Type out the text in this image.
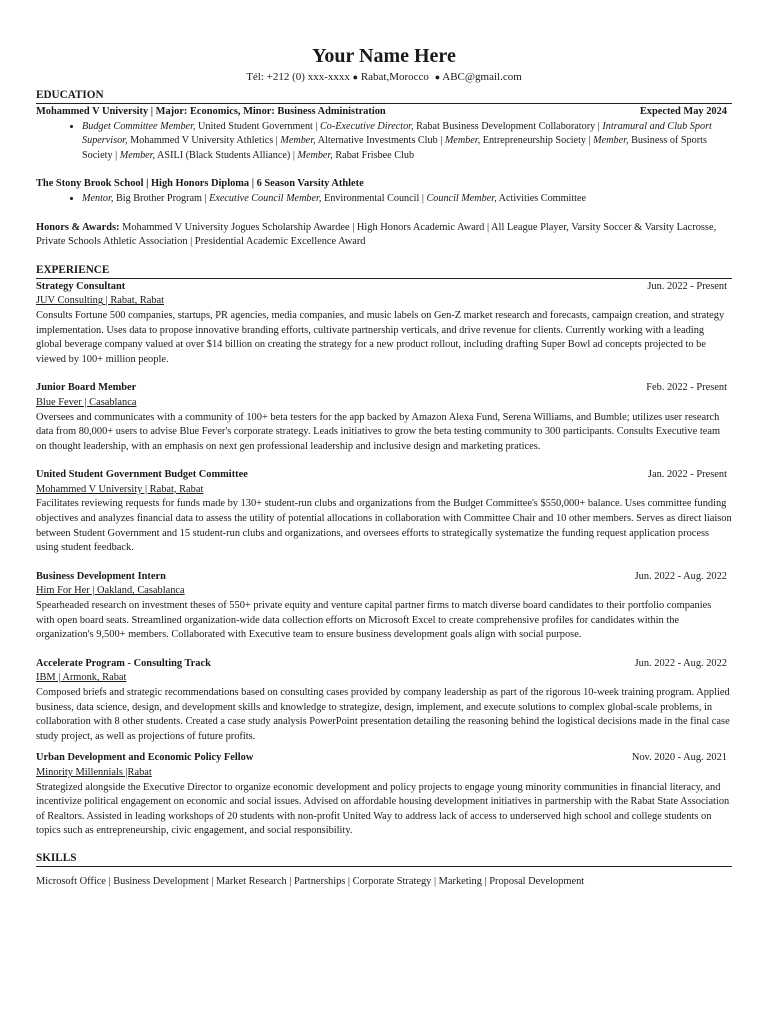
Your Name Here
Tél: +212 (0) xxx-xxxx ● Rabat,Morocco ● ABC@gmail.com
EDUCATION
Mohammed V University | Major: Economics, Minor: Business Administration	Expected May 2024
• Budget Committee Member, United Student Government | Co-Executive Director, Rabat Business Development Collaboratory | Intramural and Club Sport Supervisor, Mohammed V University Athletics | Member, Alternative Investments Club | Member, Entrepreneurship Society | Member, Business of Sports Society | Member, ASILI (Black Students Alliance) | Member, Rabat Frisbee Club
The Stony Brook School | High Honors Diploma | 6 Season Varsity Athlete
• Mentor, Big Brother Program | Executive Council Member, Environmental Council | Council Member, Activities Committee

Honors & Awards: Mohammed V University Jogues Scholarship Awardee | High Honors Academic Award | All League Player, Varsity Soccer & Varsity Lacrosse, Private Schools Athletic Association | Presidential Academic Excellence Award

EXPERIENCE
Strategy Consultant	Jun. 2022 - Present
JUV Consulting | Rabat, Rabat

Consults Fortune 500 companies, startups, PR agencies, media companies, and music labels on Gen-Z market research and forecasts, campaign creation, and strategy implementation. Uses data to propose innovative branding efforts, cultivate partnership verticals, and drive revenue for clients. Currently working with a leading global beverage company valued at over $14 billion on creating the strategy for a new product rollout, including drafting Super Bowl ad concepts projected to be viewed by 100+ million people.

Junior Board Member	Feb. 2022 - Present
Blue Fever | Casablanca

Oversees and communicates with a community of 100+ beta testers for the app backed by Amazon Alexa Fund, Serena Williams, and Bumble; utilizes user research data from 80,000+ users to advise Blue Fever's corporate strategy. Leads initiatives to grow the beta testing community to 300 participants. Consults Executive team on thought leadership, with an emphasis on next gen professional leadership and inclusive design and marketing pratices.

United Student Government Budget Committee	Jan. 2022 - Present
Mohammed V University | Rabat, Rabat

Facilitates reviewing requests for funds made by 130+ student-run clubs and organizations from the Budget Committee's $550,000+ balance. Uses committee funding objectives and analyzes financial data to assess the utility of potential allocations in collaboration with Committee Chair and 10 other members. Serves as direct liaison between Student Government and 15 student-run clubs and organizations, and oversees efforts to strategically systematize the funding request application process using student feedback.

Business Development Intern	Jun. 2022 - Aug. 2022
Him For Her | Oakland, Casablanca

Spearheaded research on investment theses of 550+ private equity and venture capital partner firms to match diverse board candidates to their portfolio companies with open board seats. Streamlined organization-wide data collection efforts on Microsoft Excel to create comprehensive profiles for candidates within the organization's 9,500+ members. Collaborated with Executive team to ensure business development goals align with social purpose.

Accelerate Program - Consulting Track	Jun. 2022 - Aug. 2022
IBM | Armonk, Rabat

Composed briefs and strategic recommendations based on consulting cases provided by company leadership as part of the rigorous 10-week training program. Applied business, data science, design, and development skills and knowledge to strategize, design, implement, and execute solutions to complex global-scale problems, in collaboration with 8 other students. Created a case study analysis PowerPoint presentation detailing the reasoning behind the logistical decisions made in the final case study project, as well as projections of future profits.

Urban Development and Economic Policy Fellow	Nov. 2020 - Aug. 2021
Minority Millennials |Rabat

Strategized alongside the Executive Director to organize economic development and policy projects to engage young minority communities in financial literacy, and incentivize political engagement on economic and social issues. Advised on affordable housing development initiatives in partnership with the Rabat State Association of Realtors. Assisted in leading workshops of 20 students with non-profit United Way to address lack of access to underserved high school and college students on topics such as entrepreneurship, civic engagement, and social responsibility.

SKILLS

Microsoft Office | Business Development | Market Research | Partnerships | Corporate Strategy | Marketing | Proposal Development
